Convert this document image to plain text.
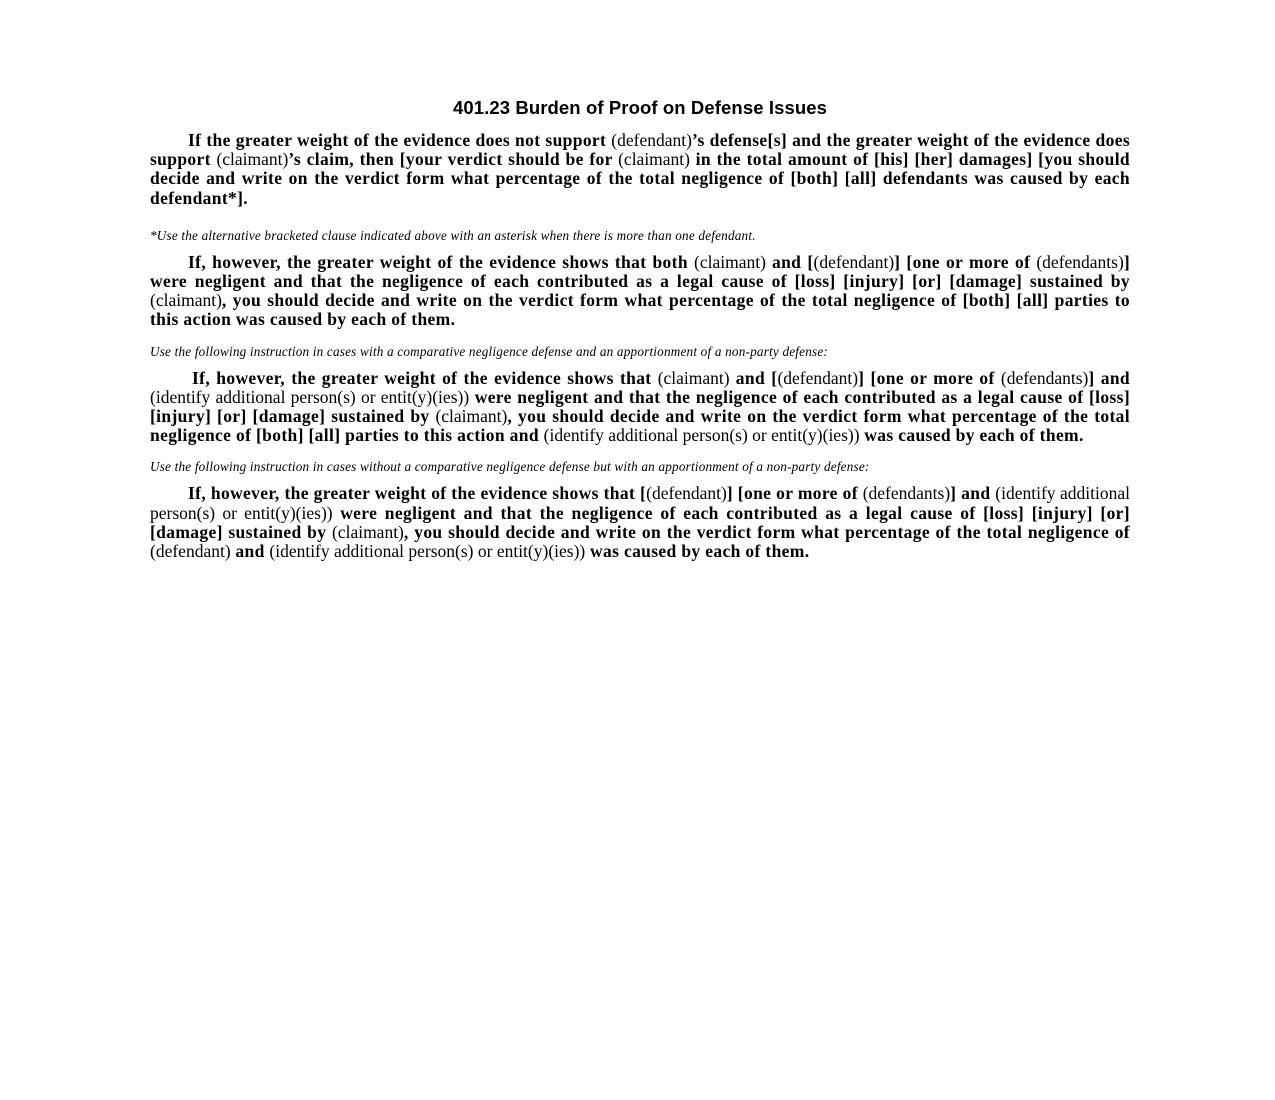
401.23 Burden of Proof on Defense Issues

If the greater weight of the evidence does not support (defendant)’s defense[s] and the greater weight of the evidence does support (claimant)’s claim, then [your verdict should be for (claimant) in the total amount of [his] [her] damages] [you should decide and write on the verdict form what percentage of the total negligence of [both] [all] defendants was caused by each defendant*].

*Use the alternative bracketed clause indicated above with an asterisk when there is more than one defendant.

If, however, the greater weight of the evidence shows that both (claimant) and [(defendant)] [one or more of (defendants)] were negligent and that the negligence of each contributed as a legal cause of [loss] [injury] [or] [damage] sustained by (claimant), you should decide and write on the verdict form what percentage of the total negligence of [both] [all] parties to this action was caused by each of them.

Use the following instruction in cases with a comparative negligence defense and an apportionment of a non-party defense:

If, however, the greater weight of the evidence shows that (claimant) and [(defendant)] [one or more of (defendants)] and (identify additional person(s) or entit(y)(ies)) were negligent and that the negligence of each contributed as a legal cause of [loss] [injury] [or] [damage] sustained by (claimant), you should decide and write on the verdict form what percentage of the total negligence of [both] [all] parties to this action and (identify additional person(s) or entit(y)(ies)) was caused by each of them.

Use the following instruction in cases without a comparative negligence defense but with an apportionment of a non-party defense:

If, however, the greater weight of the evidence shows that [(defendant)] [one or more of (defendants)] and (identify additional person(s) or entit(y)(ies)) were negligent and that the negligence of each contributed as a legal cause of [loss] [injury] [or] [damage] sustained by (claimant), you should decide and write on the verdict form what percentage of the total negligence of (defendant) and (identify additional person(s) or entit(y)(ies)) was caused by each of them.
